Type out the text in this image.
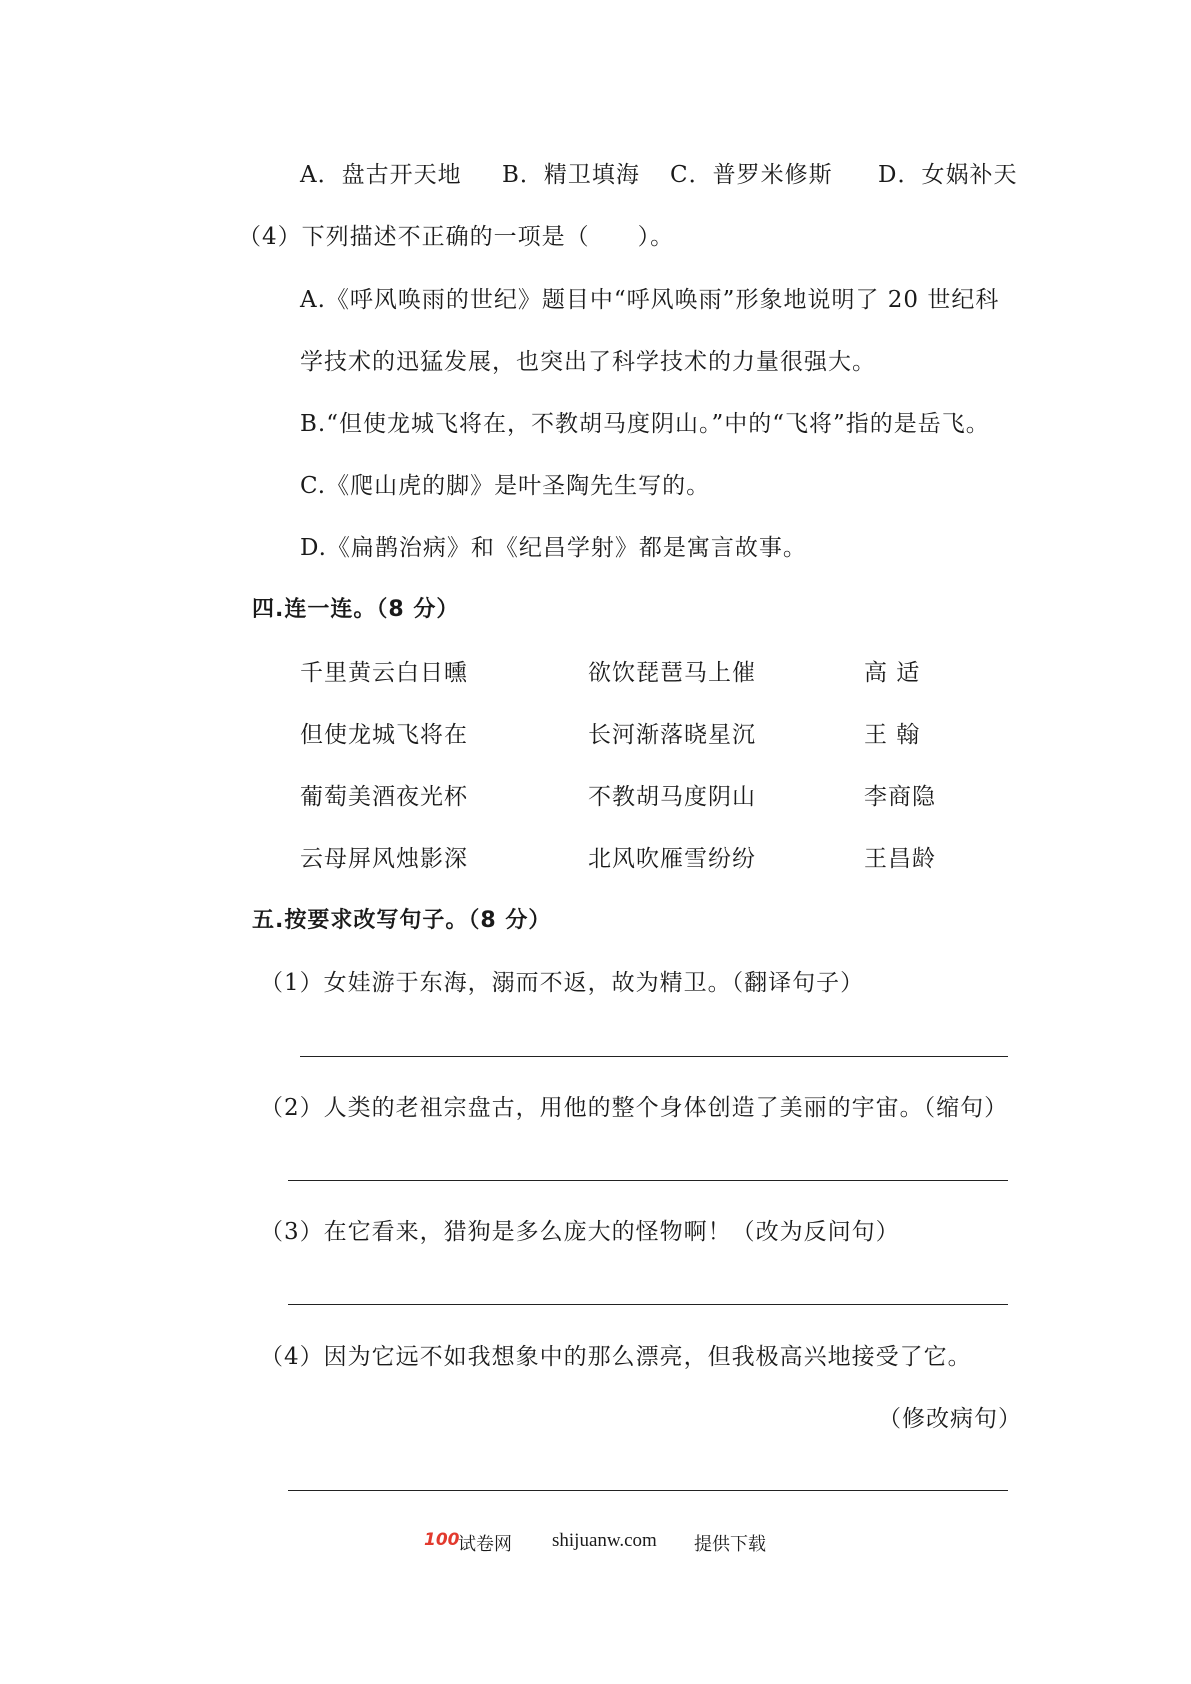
A．盘古开天地 B．精卫填海 C．普罗米修斯 D．女娲补天
（4）下列描述不正确的一项是（　　）。
A.《呼风唤雨的世纪》题目中“呼风唤雨”形象地说明了 20 世纪科
学技术的迅猛发展，也突出了科学技术的力量很强大。
B.“但使龙城飞将在，不教胡马度阴山。”中的“飞将”指的是岳飞。
C.《爬山虎的脚》是叶圣陶先生写的。
D.《扁鹊治病》和《纪昌学射》都是寓言故事。
四.连一连。（8 分）
千里黄云白日曛	欲饮琵琶马上催	高 适
但使龙城飞将在	长河渐落晓星沉	王 翰
葡萄美酒夜光杯	不教胡马度阴山	李商隐
云母屏风烛影深	北风吹雁雪纷纷	王昌龄
五.按要求改写句子。（8 分）
（1）女娃游于东海，溺而不返，故为精卫。（翻译句子）
（2）人类的老祖宗盘古，用他的整个身体创造了美丽的宇宙。（缩句）
（3）在它看来，猎狗是多么庞大的怪物啊！（改为反问句）
（4）因为它远不如我想象中的那么漂亮，但我极高兴地接受了它。
（修改病句）
100
试卷网 shijuanw.com 提供下载
